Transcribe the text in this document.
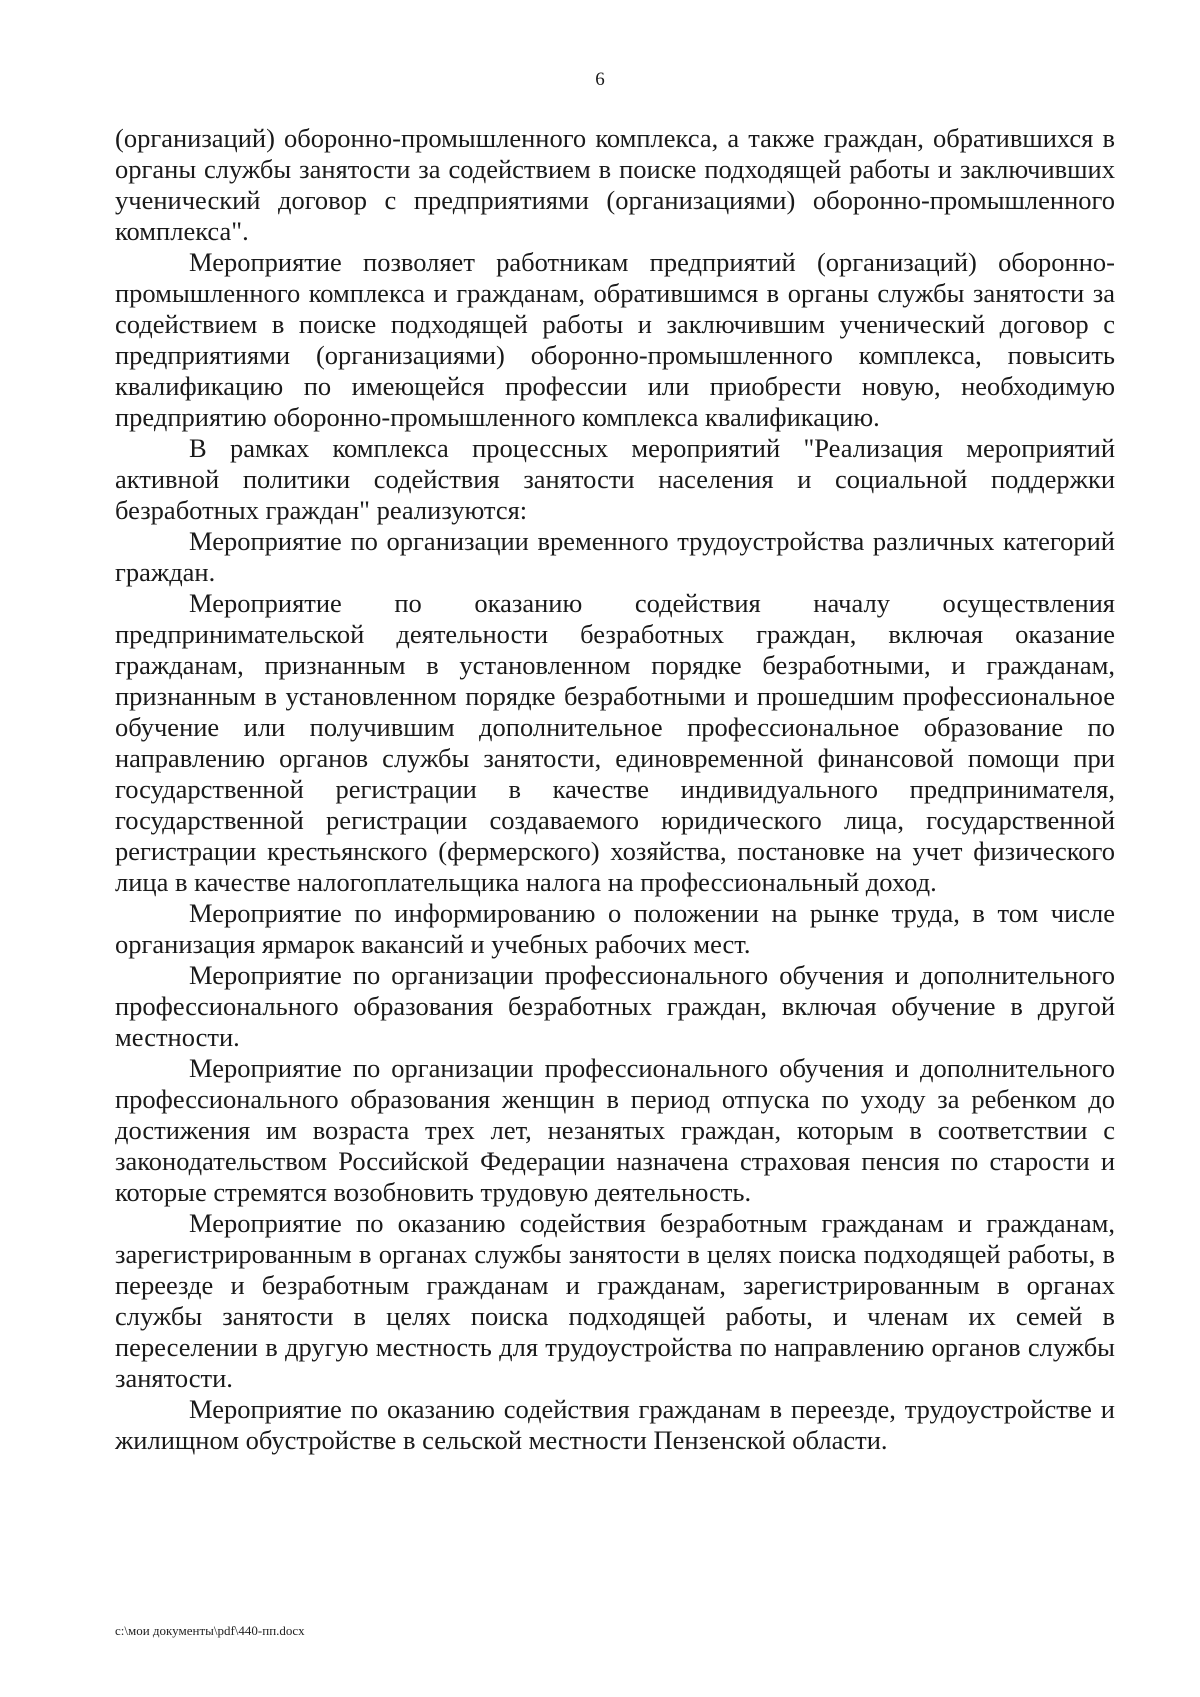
6

(организаций) оборонно-промышленного комплекса, а также граждан, обратившихся в органы службы занятости за содействием в поиске подходящей работы и заключивших ученический договор с предприятиями (организациями) оборонно-промышленного комплекса".

Мероприятие позволяет работникам предприятий (организаций) оборонно-промышленного комплекса и гражданам, обратившимся в органы службы занятости за содействием в поиске подходящей работы и заключившим ученический договор с предприятиями (организациями) оборонно-промышленного комплекса, повысить квалификацию по имеющейся профессии или приобрести новую, необходимую предприятию оборонно-промышленного комплекса квалификацию.

В рамках комплекса процессных мероприятий "Реализация мероприятий активной политики содействия занятости населения и социальной поддержки безработных граждан" реализуются:

Мероприятие по организации временного трудоустройства различных категорий граждан.

Мероприятие по оказанию содействия началу осуществления предпринимательской деятельности безработных граждан, включая оказание гражданам, признанным в установленном порядке безработными, и гражданам, признанным в установленном порядке безработными и прошедшим профессиональное обучение или получившим дополнительное профессиональное образование по направлению органов службы занятости, единовременной финансовой помощи при государственной регистрации в качестве индивидуального предпринимателя, государственной регистрации создаваемого юридического лица, государственной регистрации крестьянского (фермерского) хозяйства, постановке на учет физического лица в качестве налогоплательщика налога на профессиональный доход.

Мероприятие по информированию о положении на рынке труда, в том числе организация ярмарок вакансий и учебных рабочих мест.

Мероприятие по организации профессионального обучения и дополнительного профессионального образования безработных граждан, включая обучение в другой местности.

Мероприятие по организации профессионального обучения и дополнительного профессионального образования женщин в период отпуска по уходу за ребенком до достижения им возраста трех лет, незанятых граждан, которым в соответствии с законодательством Российской Федерации назначена страховая пенсия по старости и которые стремятся возобновить трудовую деятельность.

Мероприятие по оказанию содействия безработным гражданам и гражданам, зарегистрированным в органах службы занятости в целях поиска подходящей работы, в переезде и безработным гражданам и гражданам, зарегистрированным в органах службы занятости в целях поиска подходящей работы, и членам их семей в переселении в другую местность для трудоустройства по направлению органов службы занятости.

Мероприятие по оказанию содействия гражданам в переезде, трудоустройстве и жилищном обустройстве в сельской местности Пензенской области.

c:\мои документы\pdf\440-пп.docx
